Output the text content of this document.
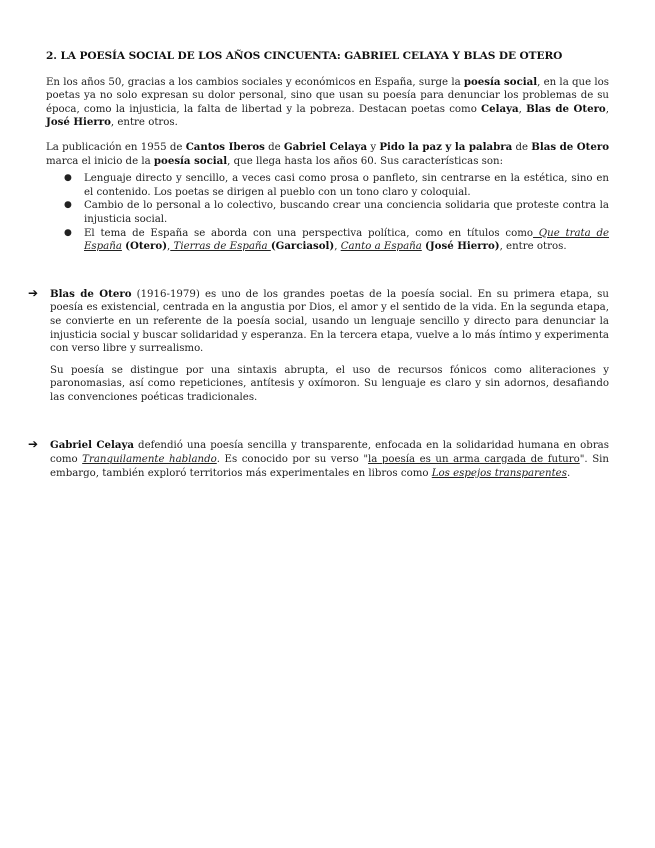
2. LA POESÍA SOCIAL DE LOS AÑOS CINCUENTA: GABRIEL CELAYA Y BLAS DE OTERO

En los años 50, gracias a los cambios sociales y económicos en España, surge la poesía social, en la que los poetas ya no solo expresan su dolor personal, sino que usan su poesía para denunciar los problemas de su época, como la injusticia, la falta de libertad y la pobreza. Destacan poetas como Celaya, Blas de Otero, José Hierro, entre otros.

La publicación en 1955 de Cantos Iberos de Gabriel Celaya y Pido la paz y la palabra de Blas de Otero marca el inicio de la poesía social, que llega hasta los años 60. Sus características son:

● Lenguaje directo y sencillo, a veces casi como prosa o panfleto, sin centrarse en la estética, sino en el contenido. Los poetas se dirigen al pueblo con un tono claro y coloquial.
● Cambio de lo personal a lo colectivo, buscando crear una conciencia solidaria que proteste contra la injusticia social.
● El tema de España se aborda con una perspectiva política, como en títulos como Que trata de España (Otero), Tierras de España (Garciasol), Canto a España (José Hierro), entre otros.
➔ Blas de Otero (1916-1979) es uno de los grandes poetas de la poesía social. En su primera etapa, su poesía es existencial, centrada en la angustia por Dios, el amor y el sentido de la vida. En la segunda etapa, se convierte en un referente de la poesía social, usando un lenguaje sencillo y directo para denunciar la injusticia social y buscar solidaridad y esperanza. En la tercera etapa, vuelve a lo más íntimo y experimenta con verso libre y surrealismo.

Su poesía se distingue por una sintaxis abrupta, el uso de recursos fónicos como aliteraciones y paronomasias, así como repeticiones, antítesis y oxímoron. Su lenguaje es claro y sin adornos, desafiando las convenciones poéticas tradicionales.

➔ Gabriel Celaya defendió una poesía sencilla y transparente, enfocada en la solidaridad humana en obras como Tranquilamente hablando. Es conocido por su verso "la poesía es un arma cargada de futuro". Sin embargo, también exploró territorios más experimentales en libros como Los espejos transparentes.
